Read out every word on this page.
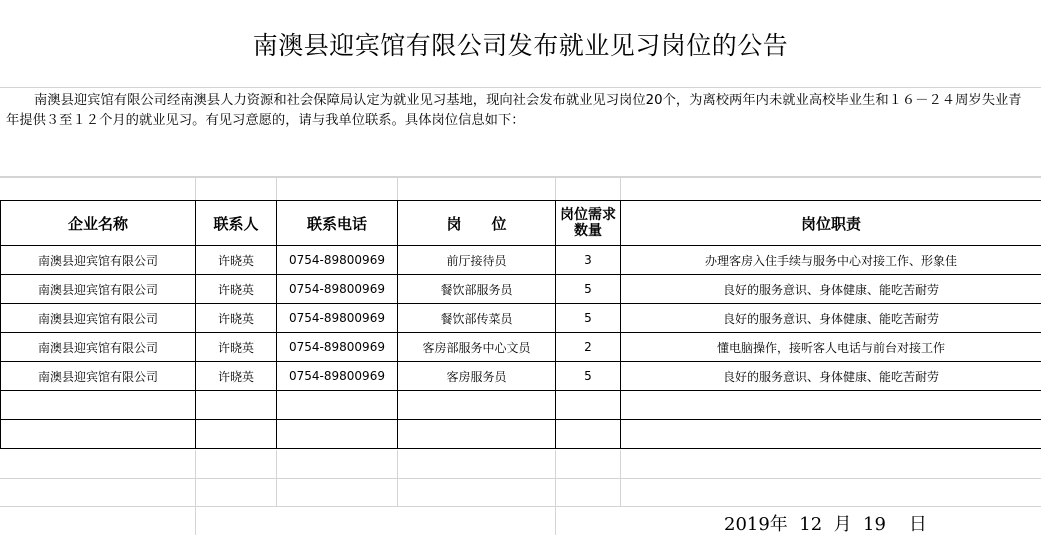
南澳县迎宾馆有限公司发布就业见习岗位的公告
南澳县迎宾馆有限公司经南澳县人力资源和社会保障局认定为就业见习基地，现向社会发布就业见习岗位20个，为离校两年内未就业高校毕业生和１６－２４周岁失业青年提供３至１２个月的就业见习。有见习意愿的，请与我单位联系。具体岗位信息如下：
企业名称	联系人	联系电话	岗　　位	岗位需求数量	岗位职责
南澳县迎宾馆有限公司	许晓英	0754-89800969	前厅接待员	3	办理客房入住手续与服务中心对接工作、形象佳
南澳县迎宾馆有限公司	许晓英	0754-89800969	餐饮部服务员	5	良好的服务意识、身体健康、能吃苦耐劳
南澳县迎宾馆有限公司	许晓英	0754-89800969	餐饮部传菜员	5	良好的服务意识、身体健康、能吃苦耐劳
南澳县迎宾馆有限公司	许晓英	0754-89800969	客房部服务中心文员	2	懂电脑操作，接听客人电话与前台对接工作
南澳县迎宾馆有限公司	许晓英	0754-89800969	客房服务员	5	良好的服务意识、身体健康、能吃苦耐劳

2019年  12  月  19    日
